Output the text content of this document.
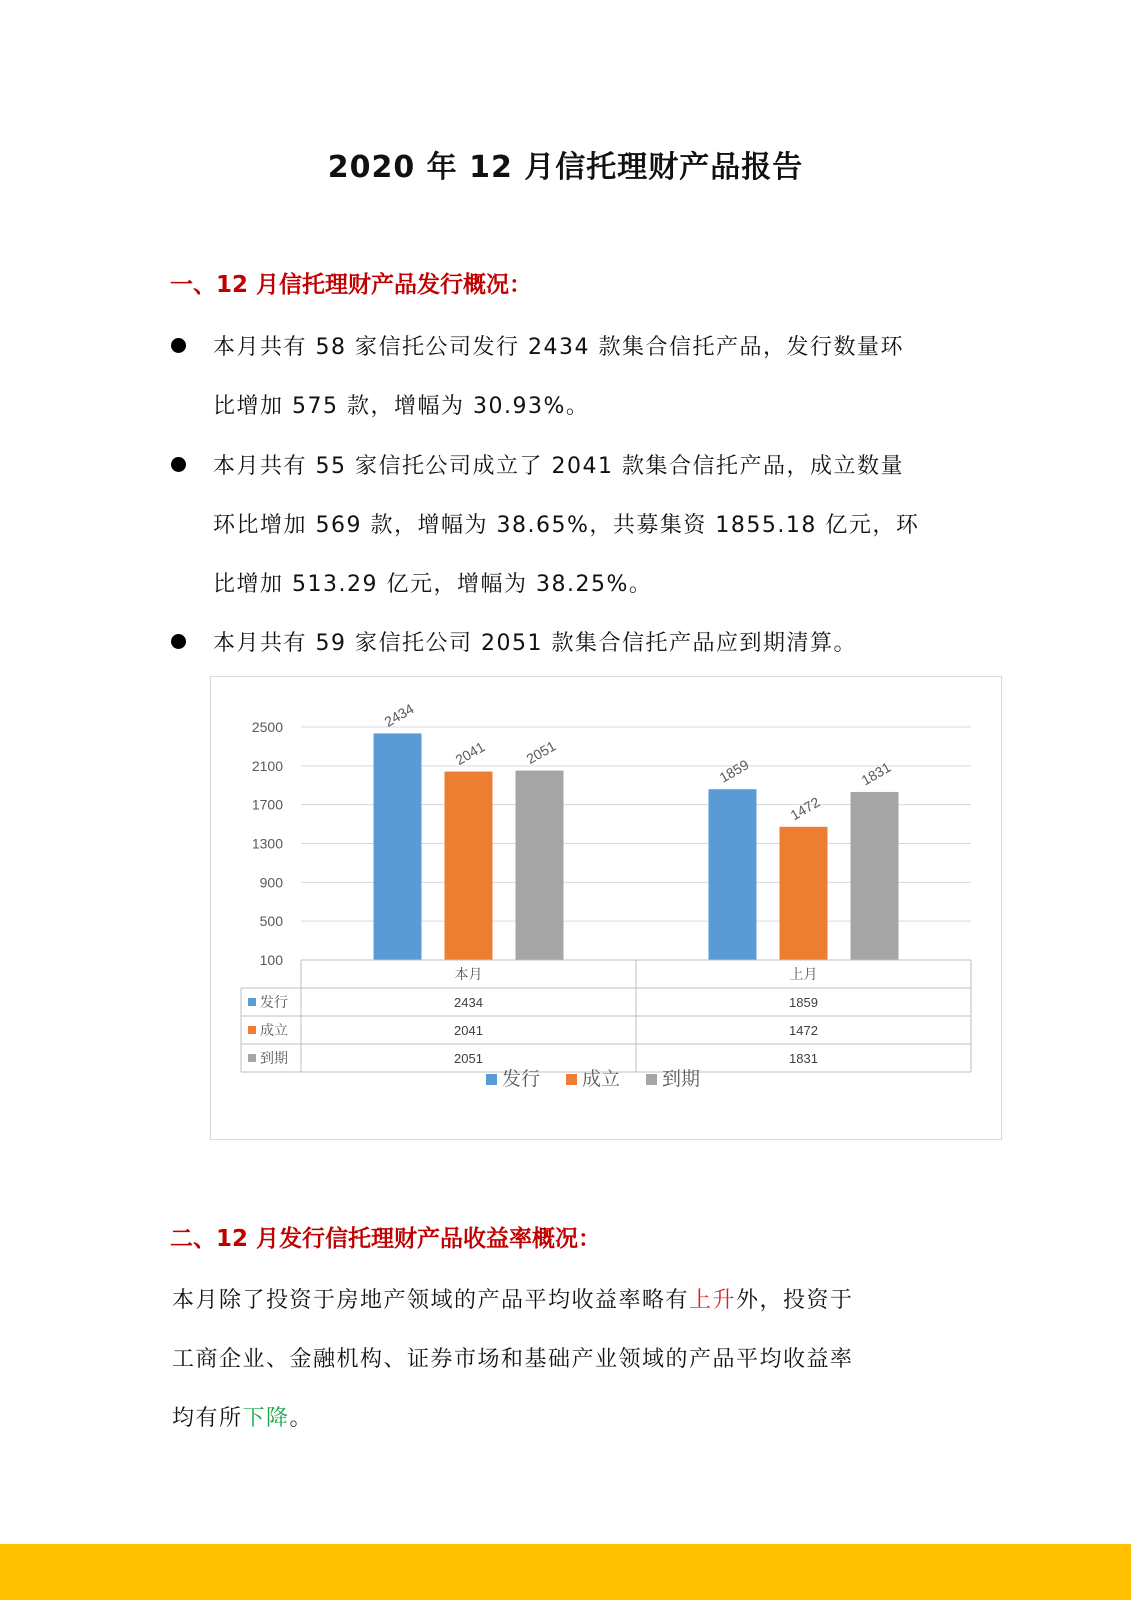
2020 年 12 月信托理财产品报告
一、12 月信托理财产品发行概况：
本月共有 58 家信托公司发行 2434 款集合信托产品，发行数量环
比增加 575 款，增幅为 30.93%。
本月共有 55 家信托公司成立了 2041 款集合信托产品，成立数量
环比增加 569 款，增幅为 38.65%，共募集资 1855.18 亿元，环
比增加 513.29 亿元，增幅为 38.25%。
本月共有 59 家信托公司 2051 款集合信托产品应到期清算。
100
500
900
1300
1700
2100
2500	2434
2041	2051
1859
1472
1831
本月	上月
发行	2434	1859
成立	2041	1472
到期	2051	1831
发行 成立 到期
二、12 月发行信托理财产品收益率概况：
本月除了投资于房地产领域的产品平均收益率略有上升外，投资于
工商企业、金融机构、证券市场和基础产业领域的产品平均收益率
均有所下降。
